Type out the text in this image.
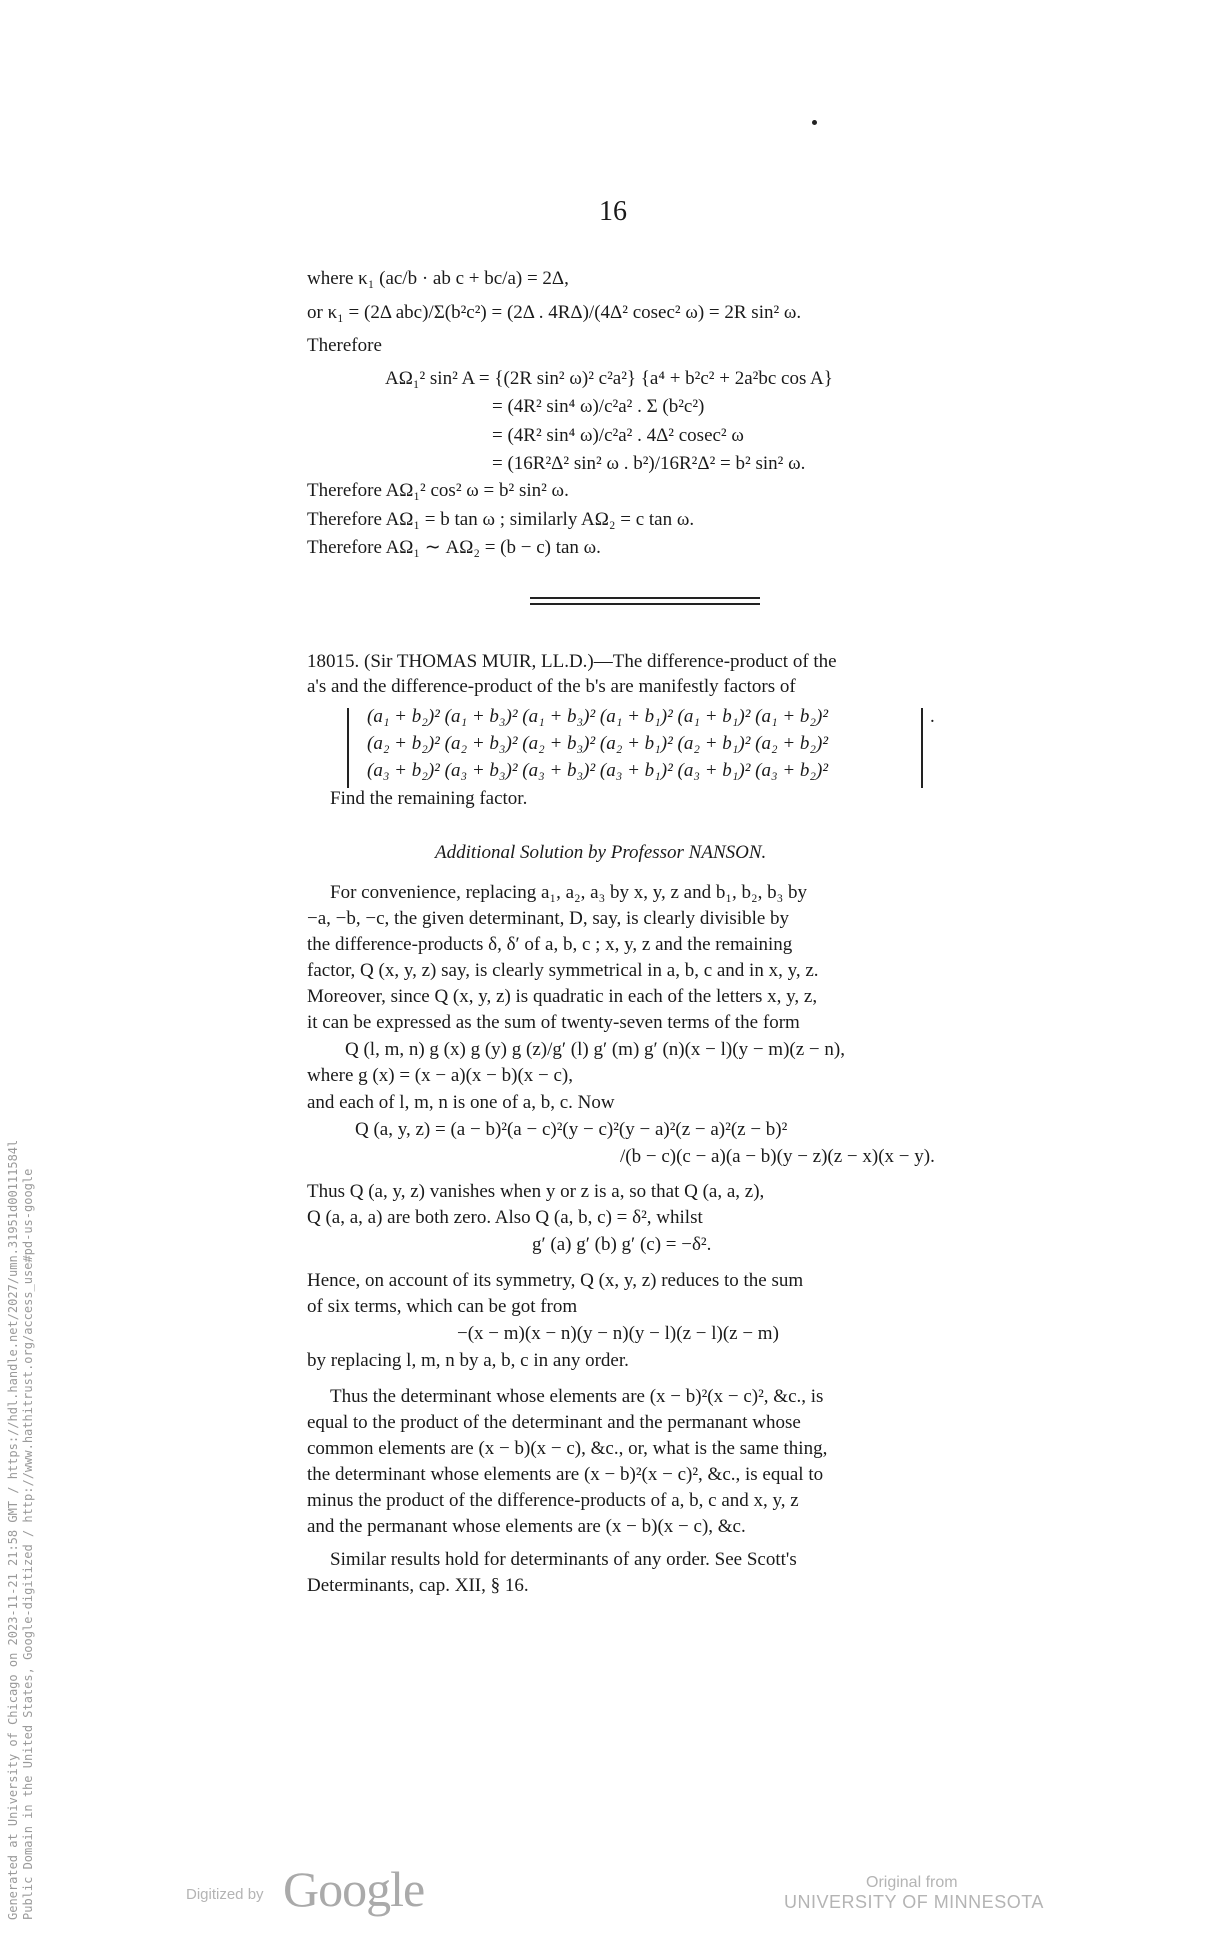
16
where κ₁ (ac/b · ab c + bc/a) = 2Δ,
or κ₁ = (2Δ abc)/Σ(b²c²) = (2Δ . 4RΔ)/(4Δ² cosec² ω) = 2R sin² ω.
Therefore
AΩ₁² sin² A = {(2R sin² ω)² c²a²} {a⁴ + b²c² + 2a²bc cos A}
= (4R² sin⁴ ω)/c²a² . Σ (b²c²)
= (4R² sin⁴ ω)/c²a² . 4Δ² cosec² ω
= (16R²Δ² sin² ω . b²)/16R²Δ² = b² sin² ω.
Therefore AΩ₁² cos² ω = b² sin² ω.
Therefore AΩ₁ = b tan ω ; similarly AΩ₂ = c tan ω.
Therefore AΩ₁ ∼ AΩ₂ = (b − c) tan ω.
18015. (Sir THOMAS MUIR, LL.D.)—The difference-product of the
a's and the difference-product of the b's are manifestly factors of
(a₁ + b₂)² (a₁ + b₃)² (a₁ + b₃)² (a₁ + b₁)² (a₁ + b₁)² (a₁ + b₂)²
(a₂ + b₂)² (a₂ + b₃)² (a₂ + b₃)² (a₂ + b₁)² (a₂ + b₁)² (a₂ + b₂)²
(a₃ + b₂)² (a₃ + b₃)² (a₃ + b₃)² (a₃ + b₁)² (a₃ + b₁)² (a₃ + b₂)²
.
Find the remaining factor.
Additional Solution by Professor NANSON.
For convenience, replacing a₁, a₂, a₃ by x, y, z and b₁, b₂, b₃ by
−a, −b, −c, the given determinant, D, say, is clearly divisible by
the difference-products δ, δ′ of a, b, c ; x, y, z and the remaining
factor, Q (x, y, z) say, is clearly symmetrical in a, b, c and in x, y, z.
Moreover, since Q (x, y, z) is quadratic in each of the letters x, y, z,
it can be expressed as the sum of twenty-seven terms of the form
Q (l, m, n) g (x) g (y) g (z)/g′ (l) g′ (m) g′ (n)(x − l)(y − m)(z − n),
where g (x) = (x − a)(x − b)(x − c),
and each of l, m, n is one of a, b, c. Now
Q (a, y, z) = (a − b)²(a − c)²(y − c)²(y − a)²(z − a)²(z − b)²
/(b − c)(c − a)(a − b)(y − z)(z − x)(x − y).
Thus Q (a, y, z) vanishes when y or z is a, so that Q (a, a, z),
Q (a, a, a) are both zero. Also Q (a, b, c) = δ², whilst
g′ (a) g′ (b) g′ (c) = −δ².
Hence, on account of its symmetry, Q (x, y, z) reduces to the sum
of six terms, which can be got from
−(x − m)(x − n)(y − n)(y − l)(z − l)(z − m)
by replacing l, m, n by a, b, c in any order.
Thus the determinant whose elements are (x − b)²(x − c)², &c., is
equal to the product of the determinant and the permanant whose
common elements are (x − b)(x − c), &c., or, what is the same thing,
the determinant whose elements are (x − b)²(x − c)², &c., is equal to
minus the product of the difference-products of a, b, c and x, y, z
and the permanant whose elements are (x − b)(x − c), &c.
Similar results hold for determinants of any order. See Scott's
Determinants, cap. XII, § 16.
Generated at University of Chicago on 2023-11-21 21:58 GMT / https://hdl.handle.net/2027/umn.31951d00111584l Public Domain in the United States, Google-digitized / http://www.hathitrust.org/access_use#pd-us-google	Digitized by Google	Original from
UNIVERSITY OF MINNESOTA
